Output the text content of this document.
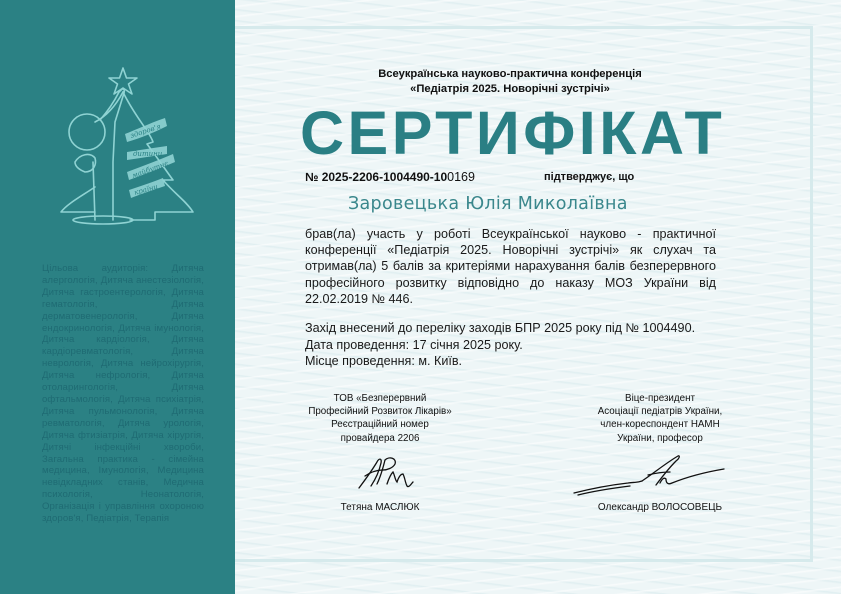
здоров'я
дитини
майбутнє
країни

Цільова аудиторія: Дитяча алергологія, Дитяча анестезіологія, Дитяча гастроентерологія, Дитяча гематологія, Дитяча дерматовенерологія, Дитяча ендокринологія, Дитяча імунологія, Дитяча кардіологія, Дитяча кардіоревматологія, Дитяча неврологія, Дитяча нейрохірургія, Дитяча нефрологія, Дитяча отоларингологія, Дитяча офтальмологія, Дитяча психіатрія, Дитяча пульмонологія, Дитяча ревматологія, Дитяча урологія, Дитяча фтизіатрія, Дитяча хірургія, Дитячі інфекційні хвороби, Загальна практика - сімейна медицина, Імунологія, Медицина невідкладних станів, Медична психологія, Неонатологія, Організація і управління охороною здоров'я, Педіатрія, Терапія

Всеукраїнська науково-практична конференція
«Педіатрія 2025. Новорічні зустрічі»
СЕРТИФІКАТ
№ 2025-2206-1004490-100169	підтверджує, що
Заровецька Юлія Миколаївна

брав(ла) участь у роботі Всеукраїнської науково - практичної конференції «Педіатрія 2025. Новорічні зустрічі» як слухач та отримав(ла) 5 балів за критеріями нарахування балів безперервного професійного розвитку відповідно до наказу МОЗ України від 22.02.2019 № 446.

Захід внесений до переліку заходів БПР 2025 року під № 1004490.
Дата проведення: 17 січня 2025 року.
Місце проведення: м. Київ.
ТОВ «Безперервний
Професійний Розвиток Лікарів»
Реєстраційний номер
провайдера 2206
Тетяна МАСЛЮК
Віце-президент
Асоціації педіатрів України,
член-кореспондент НАМН
України, професор
Олександр ВОЛОСОВЕЦЬ
